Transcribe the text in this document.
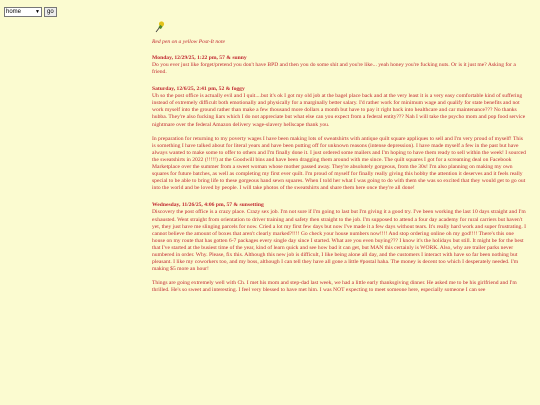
home	▼	go
Red pen on a yellow Post-It note
Monday, 12/29/25, 1:22 pm, 57 & sunny

Do you ever just like forget/pretend you don't have BPD and then you do some shit and you're like... yeah honey you're fucking nuts. Or is it just me? Asking for a friend.

Saturday, 12/6/25, 2:41 pm, 52 & foggy

Uh so the post office is actually evil and I quit....but it's ok I got my old job at the bagel place back and at the very least it is a very easy comfortable kind of suffering instead of extremely difficult both emotionally and physically for a marginally better salary. I'd rather work for minimum wage and qualify for state benefits and not work myself into the ground rather than make a few thousand more dollars a month but have to pay it right back into healthcare and car maintenance??? No thanks hubba. They're also fucking liars which I do not appreciate but what else can you expect from a federal entity??? Nah I will take the psycho mom and pop food service nightmare over the federal Amazon delivery wage-slavery hellscape thank you.

In preparation for returning to my poverty wages I have been making lots of sweatshirts with antique quilt square appliques to sell and I'm very proud of myself! This is something I have talked about for literal years and have been putting off for unknown reasons (intense depression). I have made myself a few in the past but have always wanted to make some to offer to others and I'm finally done it. I just ordered some mailers and I'm hoping to have them ready to sell within the week! I sourced the sweatshirts in 2022 (!!!!!) at the Goodwill bins and have been dragging them around with me since. The quilt squares I got for a screaming deal on Facebook Marketplace over the summer from a sweet woman whose mother passed away. They're absolutely gorgeous, from the 30s! I'm also planning on making my own squares for future batches, as well as completing my first ever quilt. I'm proud of myself for finally really giving this hobby the attention it deserves and it feels really special to be able to bring life to these gorgeous hand sewn squares. When I told her what I was going to do with them she was so excited that they would get to go out into the world and be loved by people. I will take photos of the sweatshirts and share them here once they're all done!

Wednesday, 11/26/25, 4:06 pm, 57 & sunsetting

Discovery the post office is a crazy place. Crazy sex job. I'm not sure if I'm going to last but I'm giving it a good try. I've been working the last 10 days straight and I'm exhausted. Went straight from orientation to driver training and safety then straight to the job. I'm supposed to attend a four day academy for rural carriers but haven't yet, they just have me slinging parcels for now. Cried a lot my first few days but now I've made it a few days without tears. It's really hard work and super frustrating. I cannot believe the amount of boxes that aren't clearly marked?!!!! Go check your house numbers now!!!! And stop ordering online oh my god!!!! There's this one house on my route that has gotten 6-7 packages every single day since I started. What are you even buying??? I know it's the holidays but still. It might be for the best that I've started at the busiest time of the year, kind of learn quick and see how bad it can get, but MAN this certainly is WORK. Also, why are trailer parks never numbered in order. Why. Please, fix this. Although this new job is difficult, I like being alone all day, and the customers I interact with have so far been nothing but pleasant. I like my coworkers too, and my boss, although I can tell they have all gone a little #postal haha. The money is decent too which I desperately needed. I'm making $5 more an hour!

Things are going extremely well with Ch. I met his mom and step-dad last week, we had a little early thanksgiving dinner. He asked me to be his girlfriend and I'm thrilled. He's so sweet and interesting. I feel very blessed to have met him. I was NOT expecting to meet someone here, especially someone I can see
